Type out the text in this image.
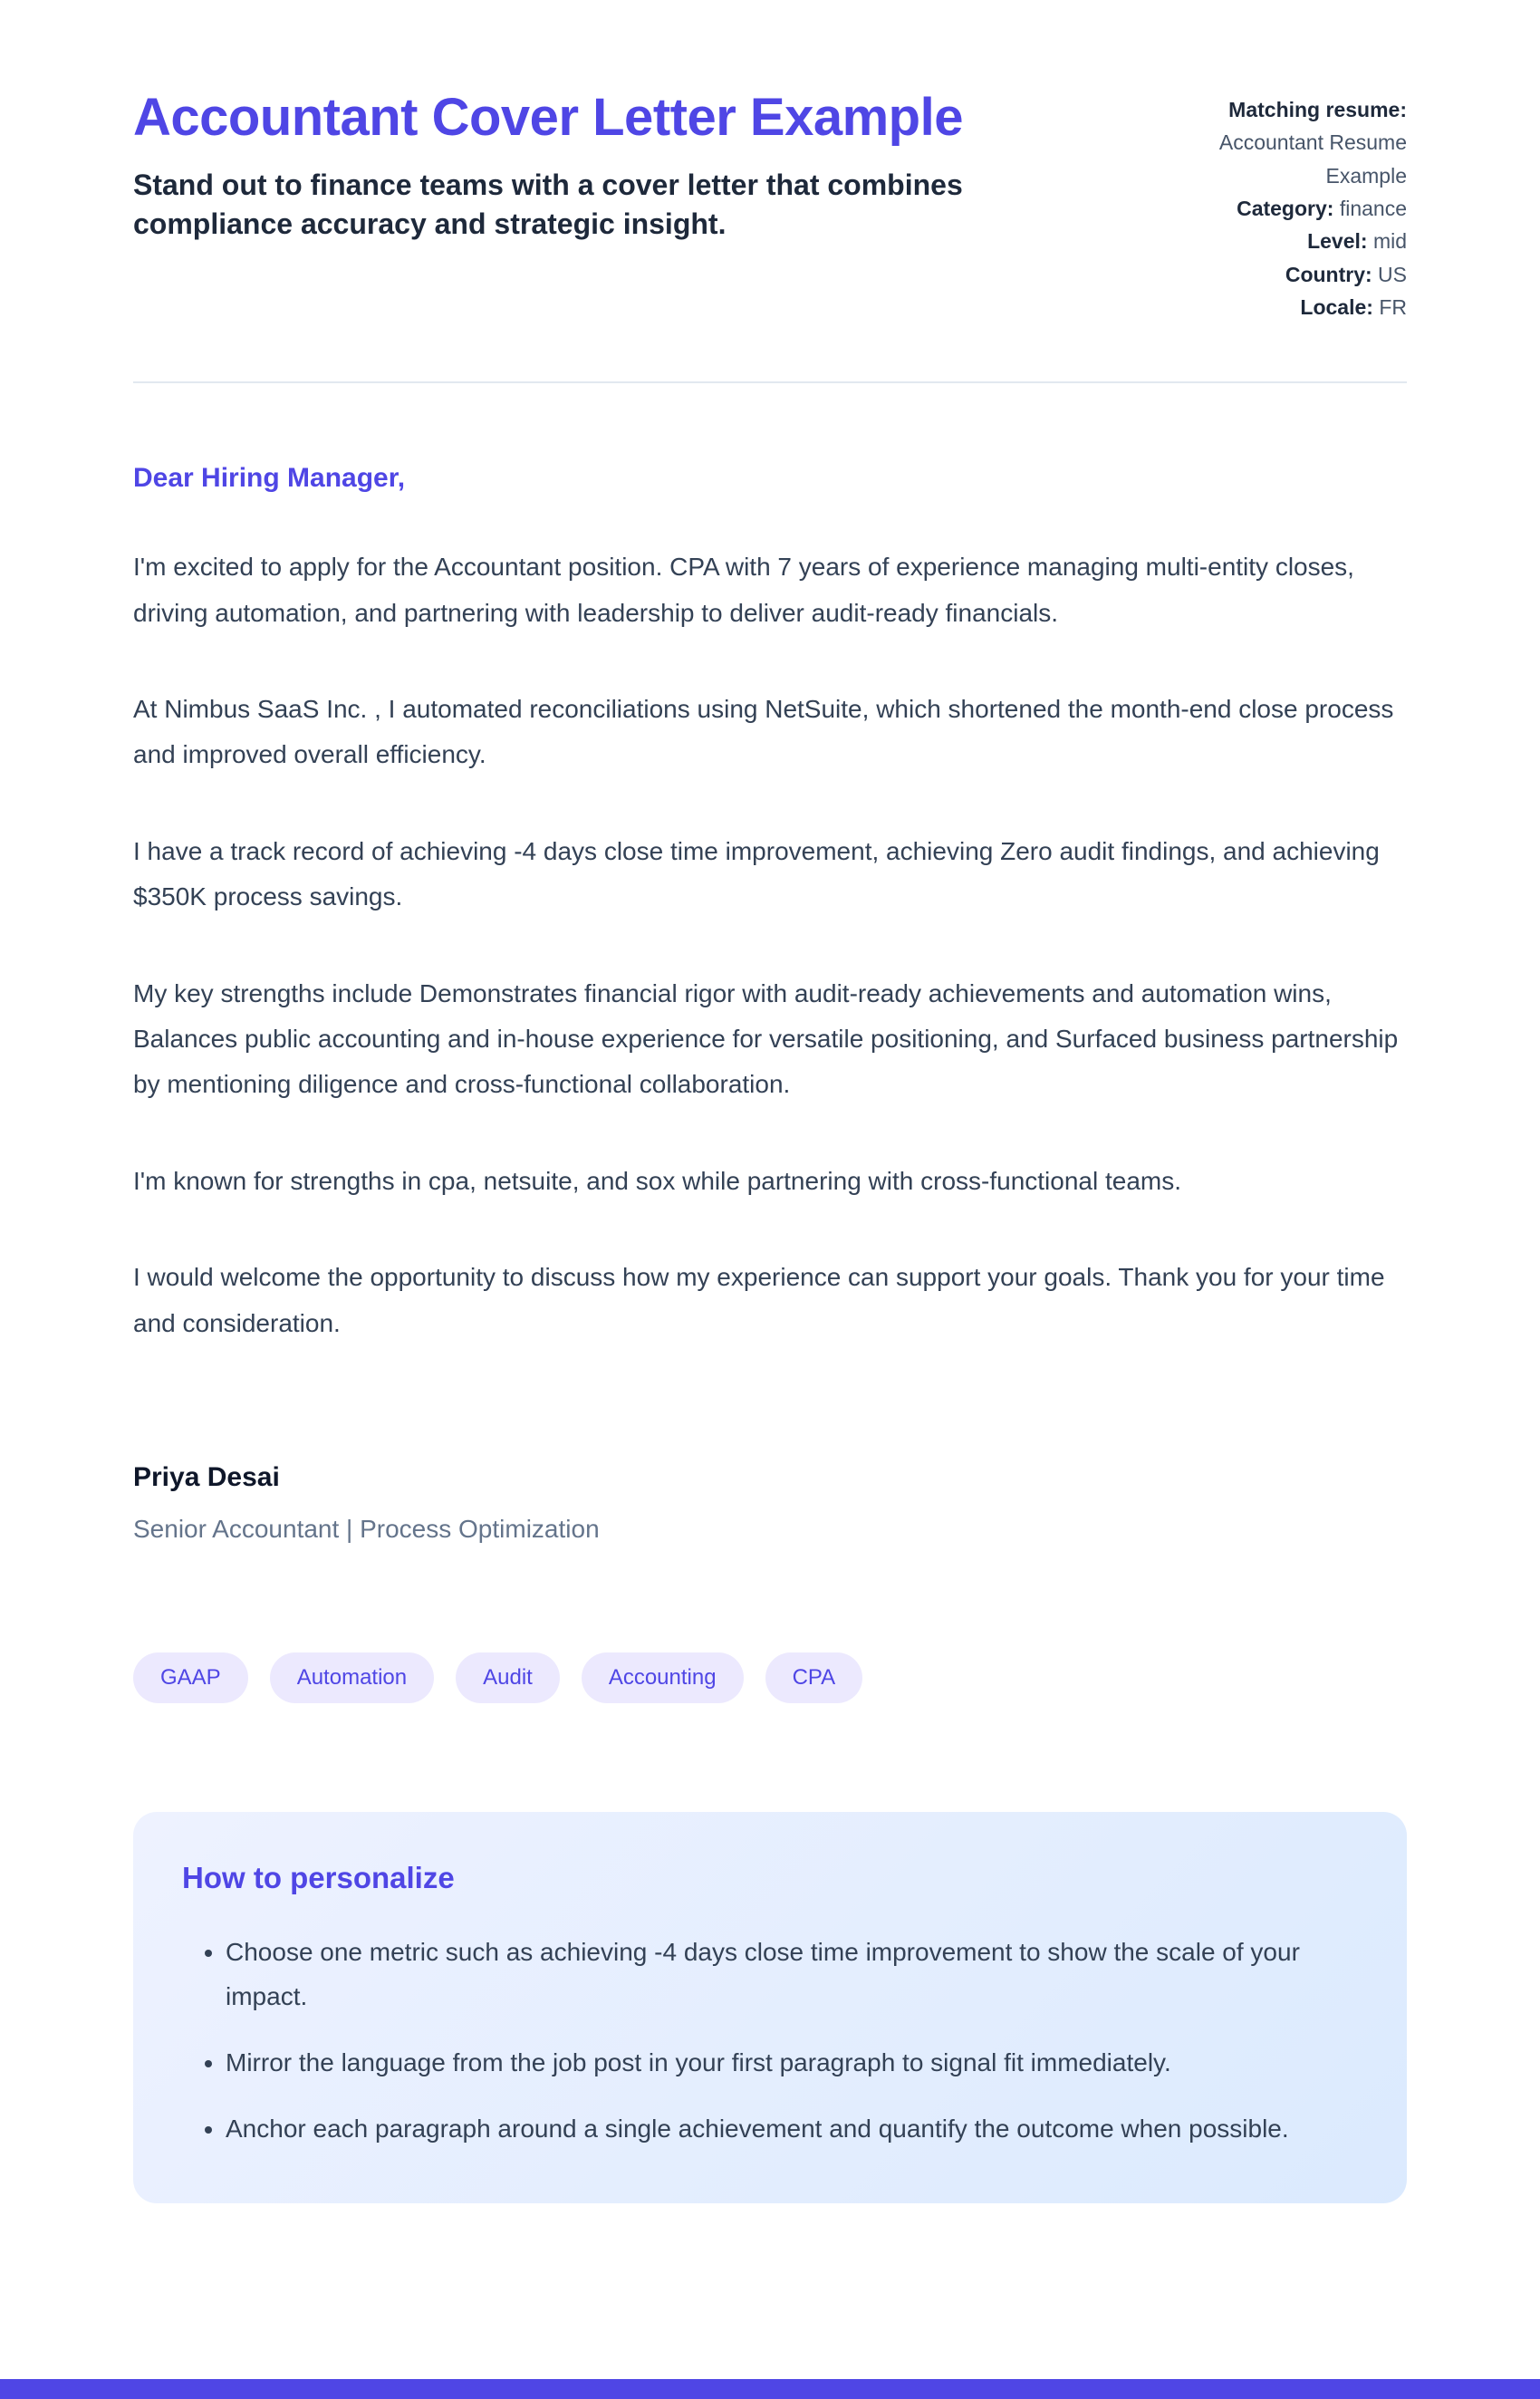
Accountant Cover Letter Example

Stand out to finance teams with a cover letter that combines compliance accuracy and strategic insight.

Matching resume: Accountant Resume Example
Category: finance
Level: mid
Country: US
Locale: FR

Dear Hiring Manager,

I'm excited to apply for the Accountant position. CPA with 7 years of experience managing multi-entity closes, driving automation, and partnering with leadership to deliver audit-ready financials.

At Nimbus SaaS Inc. , I automated reconciliations using NetSuite, which shortened the month-end close process and improved overall efficiency.

I have a track record of achieving -4 days close time improvement, achieving Zero audit findings, and achieving $350K process savings.

My key strengths include Demonstrates financial rigor with audit-ready achievements and automation wins, Balances public accounting and in-house experience for versatile positioning, and Surfaced business partnership by mentioning diligence and cross-functional collaboration.

I'm known for strengths in cpa, netsuite, and sox while partnering with cross-functional teams.

I would welcome the opportunity to discuss how my experience can support your goals. Thank you for your time and consideration.

Priya Desai

Senior Accountant | Process Optimization

GAAP	Automation	Audit	Accounting	CPA
How to personalize
• Choose one metric such as achieving -4 days close time improvement to show the scale of your impact.
• Mirror the language from the job post in your first paragraph to signal fit immediately.
• Anchor each paragraph around a single achievement and quantify the outcome when possible.
